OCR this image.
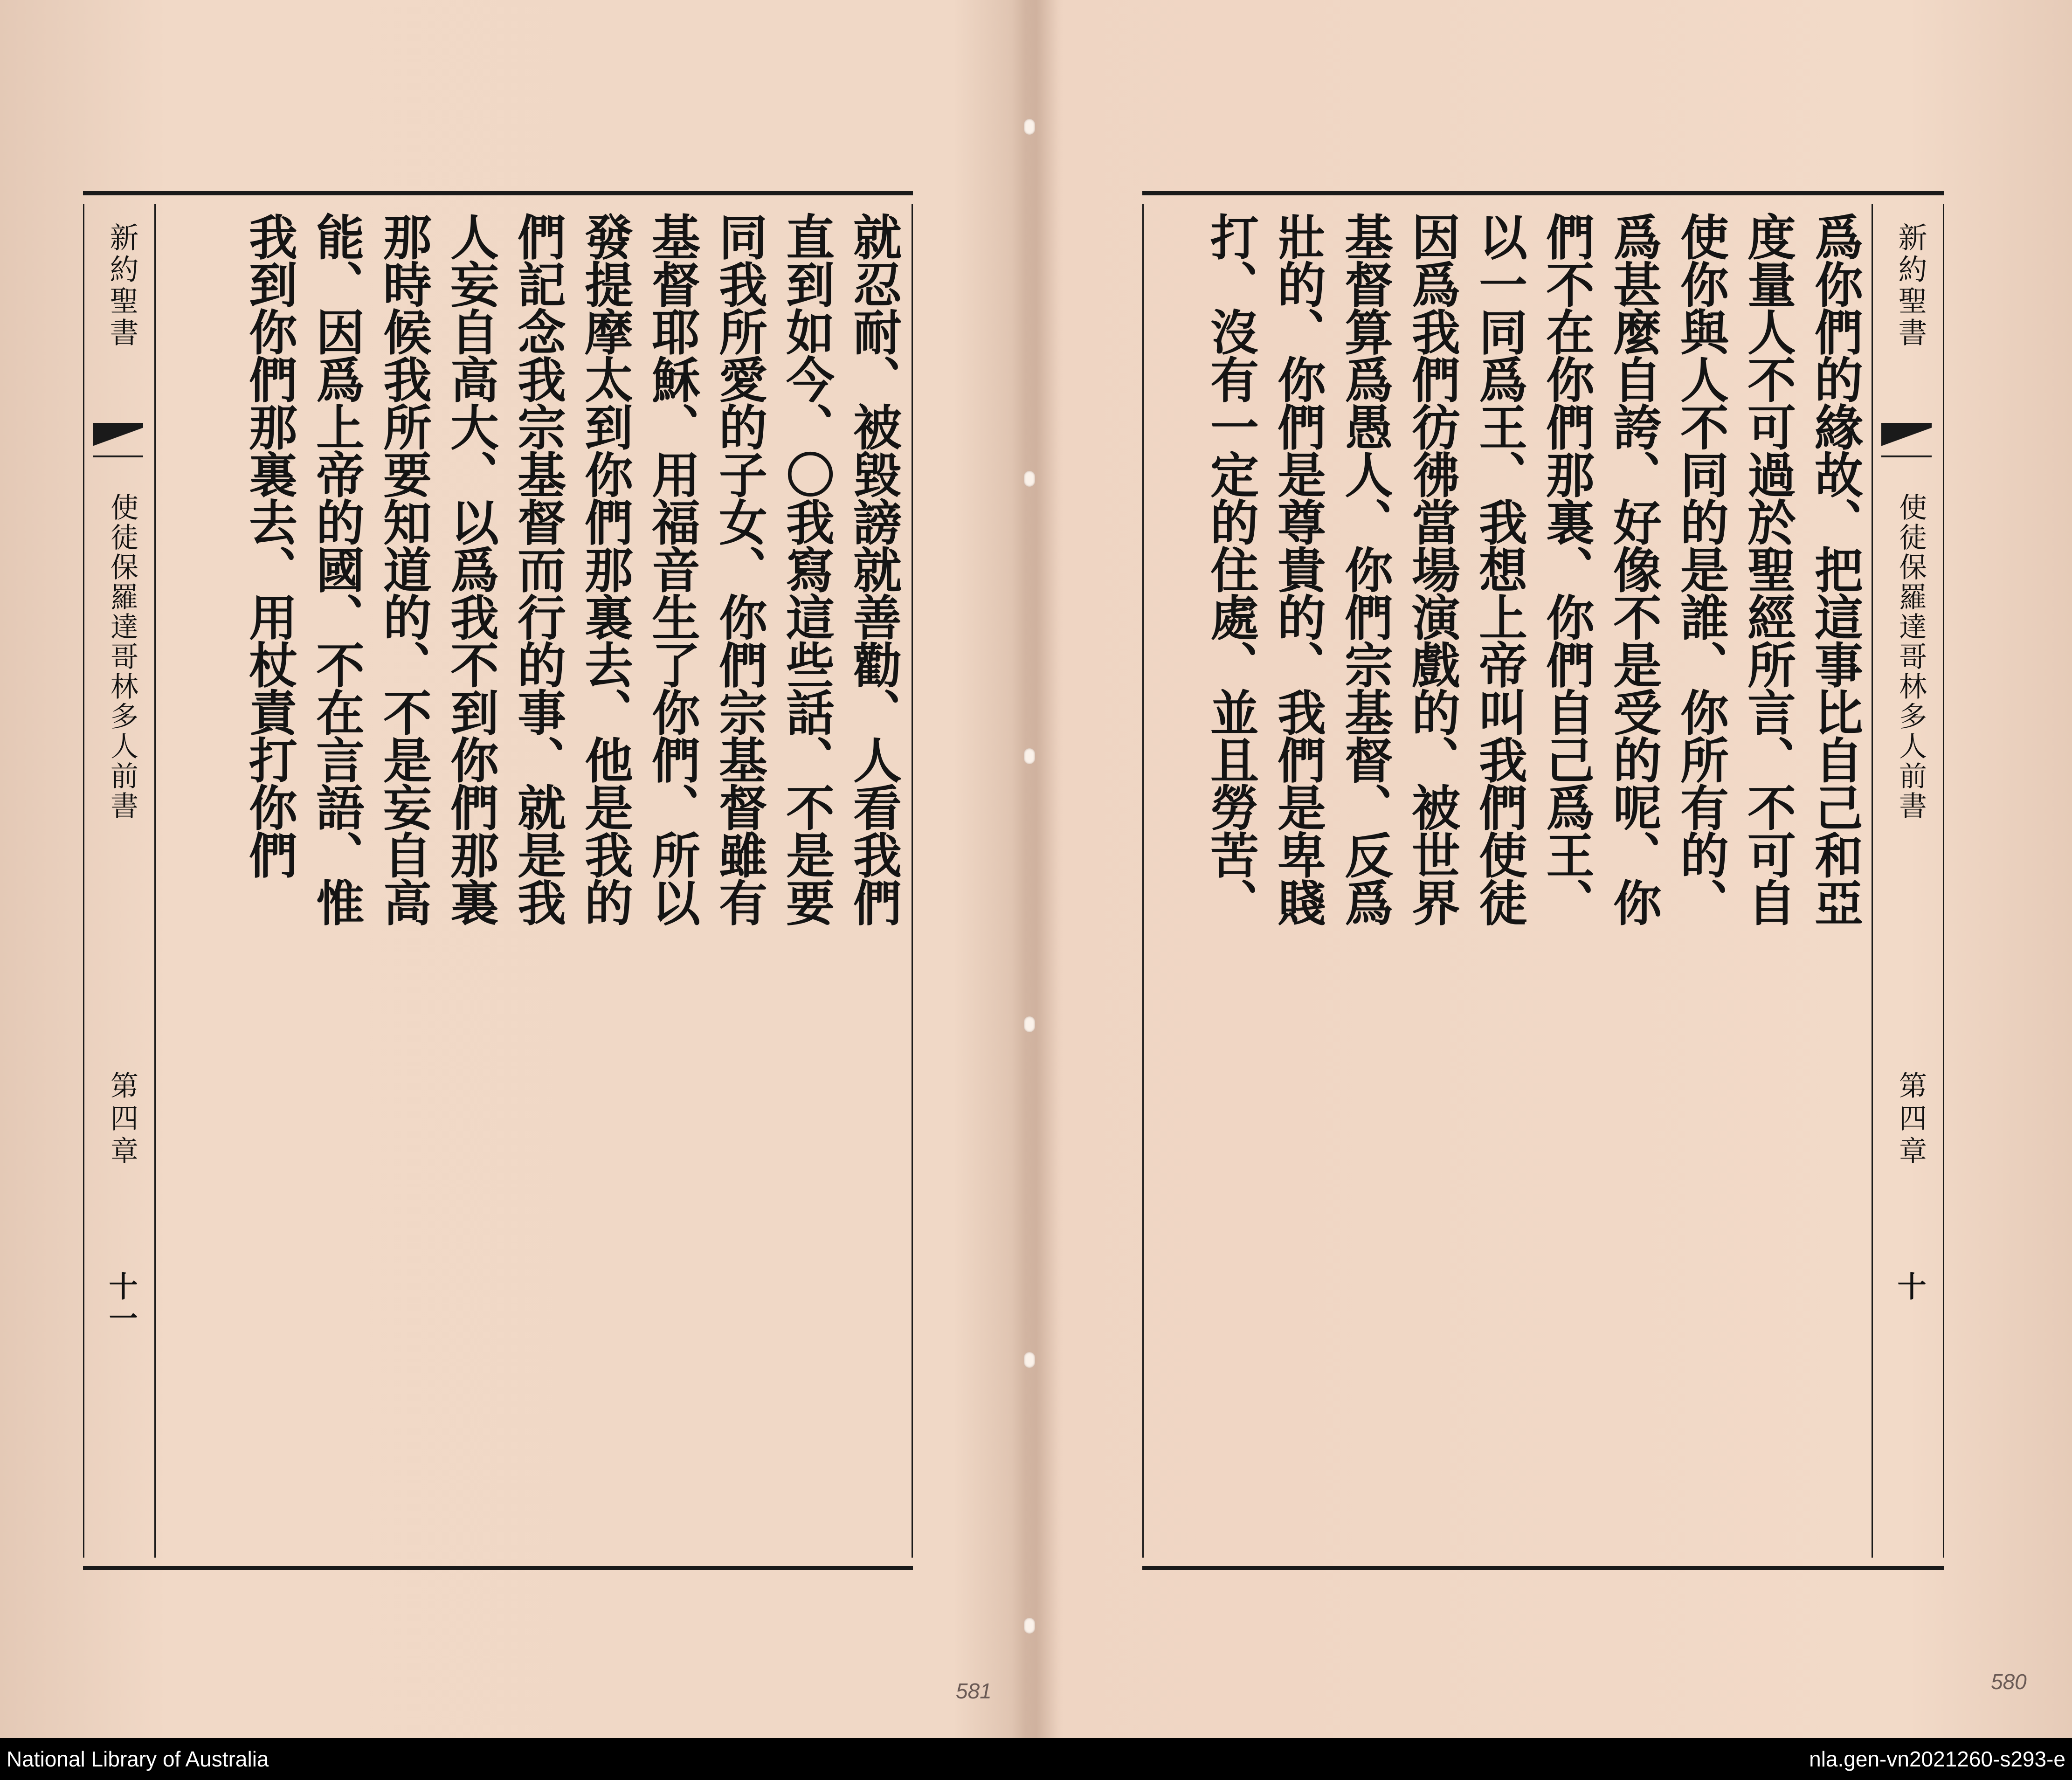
新約聖書
使徒保羅達哥林多人前書
第四章
十一
就忍耐、被毀謗就善勸、人看我們
直到如今、〇我寫這些話、不是要
同我所愛的子女、你們宗基督雖有
基督耶穌、用福音生了你們、所以
發提摩太到你們那裏去、他是我的
們記念我宗基督而行的事、就是我
人妄自高大、以爲我不到你們那裏
那時候我所要知道的、不是妄自高
能、因爲上帝的國、不在言語、惟
我到你們那裏去、用杖責打你們
581
新約聖書
使徒保羅達哥林多人前書
第四章
十
爲你們的緣故、把這事比自己和亞
度量人不可過於聖經所言、不可自
使你與人不同的是誰、你所有的、
爲甚麼自誇、好像不是受的呢、你
們不在你們那裏、你們自己爲王、
以一同爲王、我想上帝叫我們使徒
因爲我們彷彿當場演戲的、被世界
基督算爲愚人、你們宗基督、反爲
壯的、你們是尊貴的、我們是卑賤
打、沒有一定的住處、並且勞苦、
580
National Library of Australia	nla.gen-vn2021260-s293-e
